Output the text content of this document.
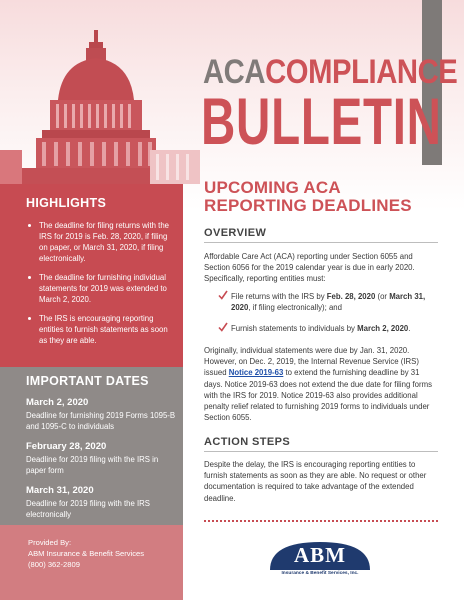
ACACOMPLIANCE
BULLETIN
HIGHLIGHTS
The deadline for filing returns with the IRS for 2019 is Feb. 28, 2020, if filing on paper, or March 31, 2020, if filing electronically.
The deadline for furnishing individual statements for 2019 was extended to March 2, 2020.
The IRS is encouraging reporting entities to furnish statements as soon as they are able.
IMPORTANT DATES
March 2, 2020
Deadline for furnishing 2019 Forms 1095-B and 1095-C to individuals
February 28, 2020
Deadline for 2019 filing with the IRS in paper form
March 31, 2020
Deadline for 2019 filing with the IRS electronically
Provided By:
ABM Insurance & Benefit Services
(800) 362-2809
UPCOMING ACA
REPORTING DEADLINES
OVERVIEW
Affordable Care Act (ACA) reporting under Section 6055 and Section 6056 for the 2019 calendar year is due in early 2020. Specifically, reporting entities must:
File returns with the IRS by Feb. 28, 2020 (or March 31, 2020, if filing electronically); and
Furnish statements to individuals by March 2, 2020.
Originally, individual statements were due by Jan. 31, 2020. However, on Dec. 2, 2019, the Internal Revenue Service (IRS) issued Notice 2019-63 to extend the furnishing deadline by 31 days. Notice 2019-63 does not extend the due date for filing forms with the IRS for 2019. Notice 2019-63 also provides additional penalty relief related to furnishing 2019 forms to individuals under Section 6055.
ACTION STEPS
Despite the delay, the IRS is encouraging reporting entities to furnish statements as soon as they are able. No request or other documentation is required to take advantage of the extended deadline.
ABM
Insurance & Benefit Services, Inc.
